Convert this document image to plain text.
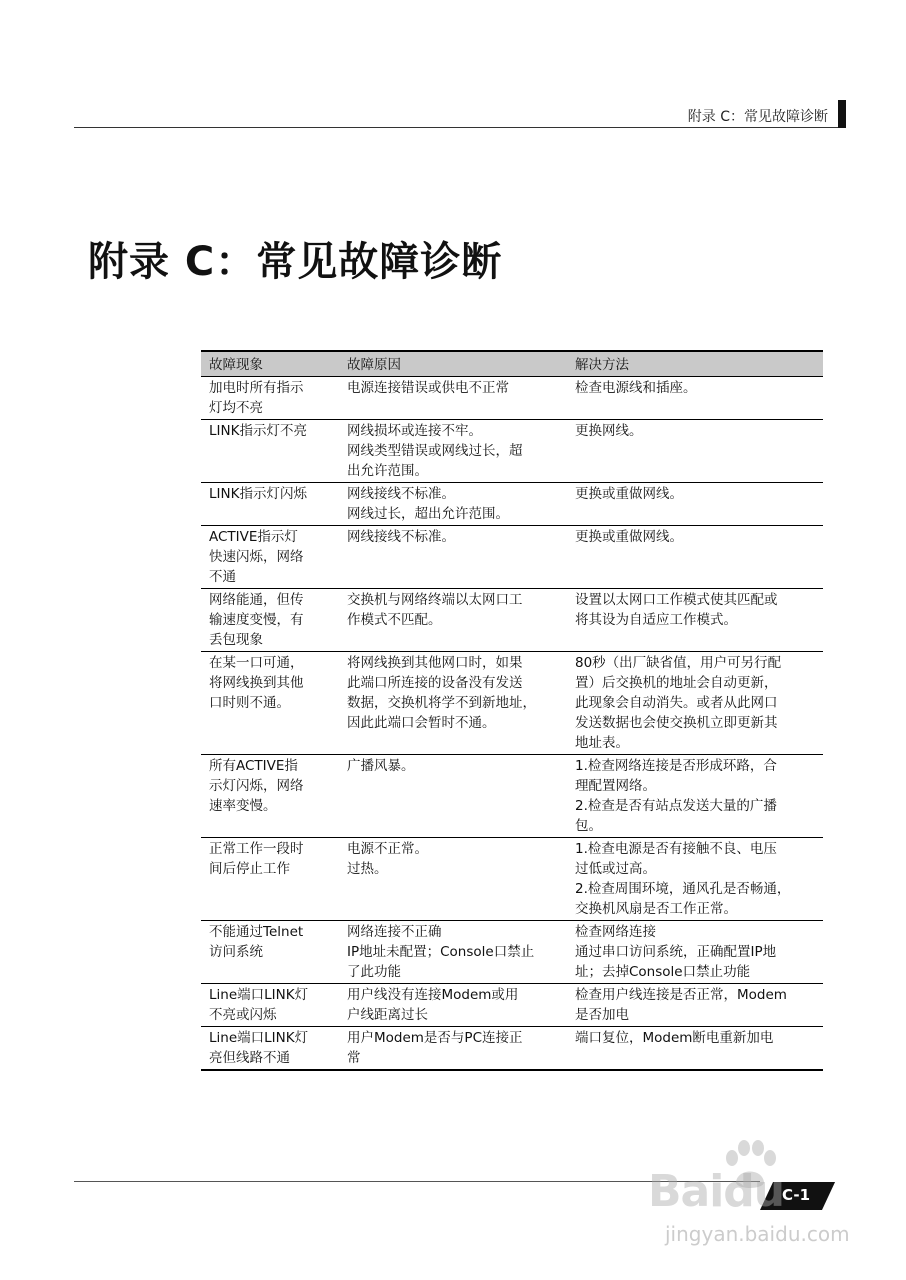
附录 C：常见故障诊断
附录 C：常见故障诊断
故障现象	故障原因	解决方法

加电时所有指示
灯均不亮	电源连接错误或供电不正常	检查电源线和插座。

LINK指示灯不亮	网线损坏或连接不牢。
网线类型错误或网线过长，超
出允许范围。	更换网线。

LINK指示灯闪烁	网线接线不标准。
网线过长，超出允许范围。	更换或重做网线。

ACTIVE指示灯
快速闪烁，网络
不通	网线接线不标准。	更换或重做网线。

网络能通，但传
输速度变慢，有
丢包现象	交换机与网络终端以太网口工
作模式不匹配。	设置以太网口工作模式使其匹配或
将其设为自适应工作模式。

在某一口可通，
将网线换到其他
口时则不通。	将网线换到其他网口时，如果
此端口所连接的设备没有发送
数据，交换机将学不到新地址，
因此此端口会暂时不通。	80秒（出厂缺省值，用户可另行配
置）后交换机的地址会自动更新，
此现象会自动消失。或者从此网口
发送数据也会使交换机立即更新其
地址表。

所有ACTIVE指
示灯闪烁，网络
速率变慢。	广播风暴。	1.检查网络连接是否形成环路，合
理配置网络。
2.检查是否有站点发送大量的广播
包。

正常工作一段时
间后停止工作	电源不正常。
过热。	1.检查电源是否有接触不良、电压
过低或过高。
2.检查周围环境，通风孔是否畅通，
交换机风扇是否工作正常。

不能通过Telnet
访问系统	网络连接不正确
IP地址未配置；Console口禁止
了此功能	检查网络连接
通过串口访问系统，正确配置IP地
址；去掉Console口禁止功能

Line端口LINK灯
不亮或闪烁	用户线没有连接Modem或用
户线距离过长	检查用户线连接是否正常，Modem
是否加电

Line端口LINK灯
亮但线路不通	用户Modem是否与PC连接正
常	端口复位，Modem断电重新加电
C-1
Baidu
jingyan.baidu.com
